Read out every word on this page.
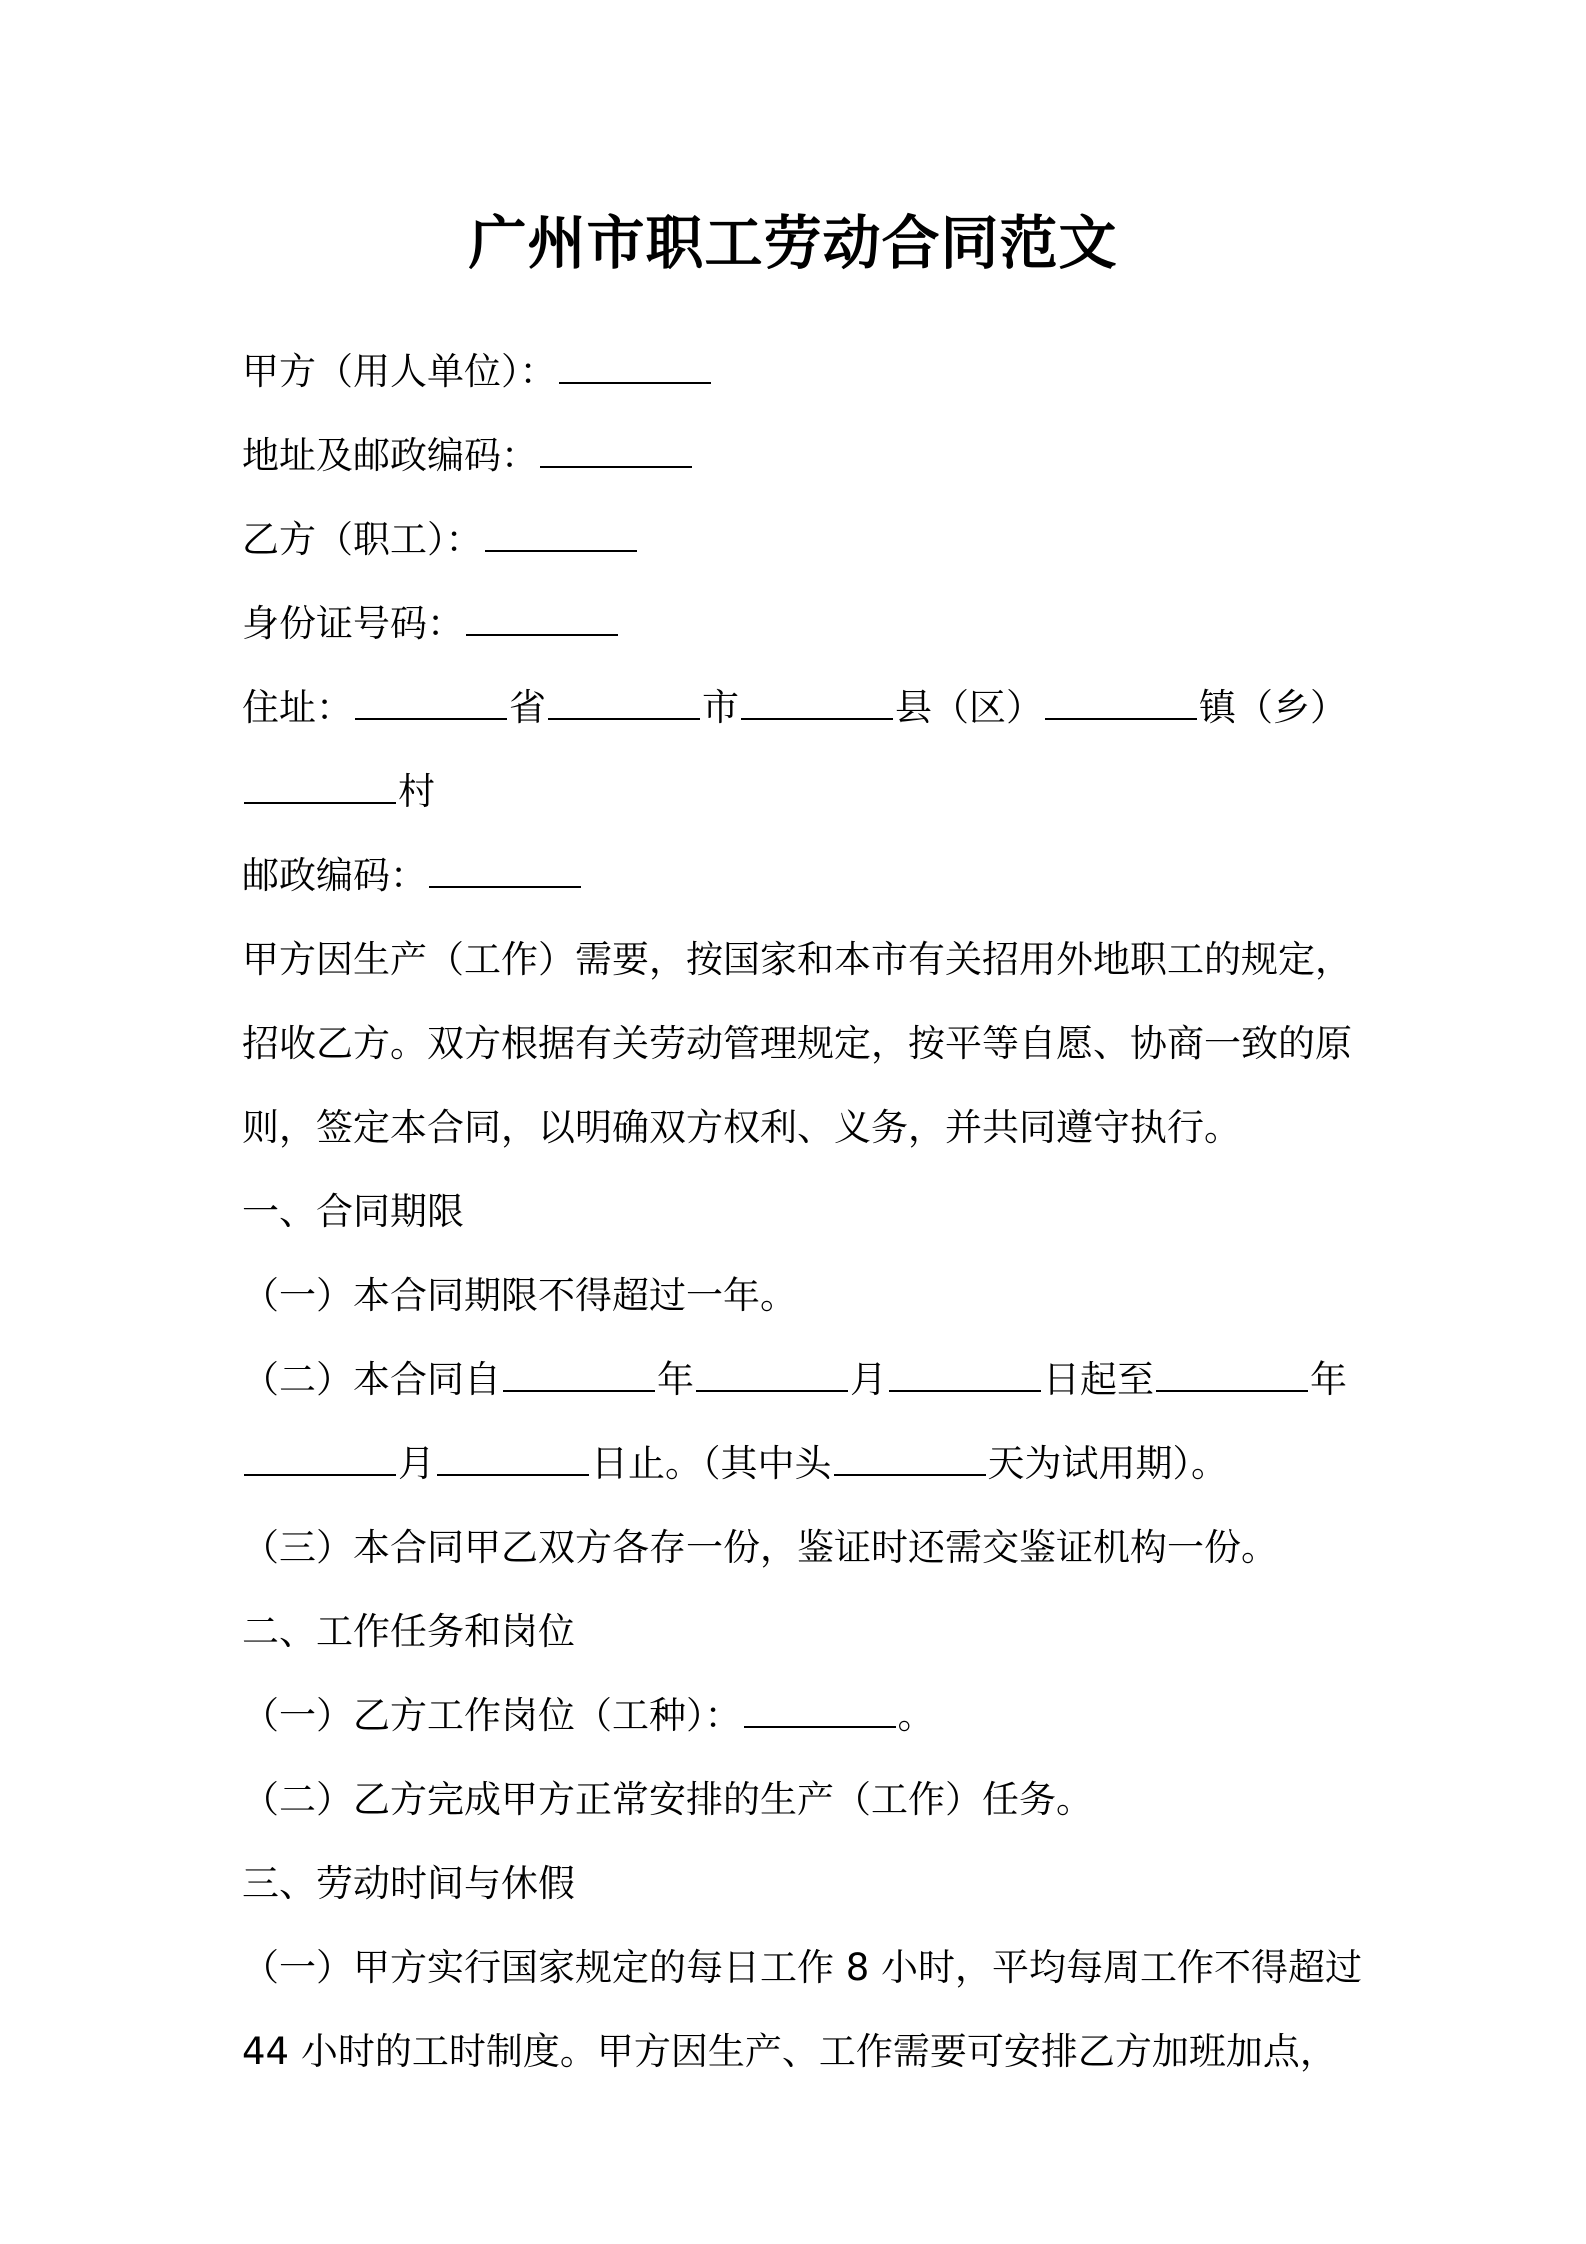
广州市职工劳动合同范文
甲方（用人单位）：
地址及邮政编码：
乙方（职工）：
身份证号码：
住址：	省	市	县（区）	镇（乡）
村
邮政编码：
甲方因生产（工作）需要，按国家和本市有关招用外地职工的规定，
招收乙方。双方根据有关劳动管理规定，按平等自愿、协商一致的原
则，签定本合同，以明确双方权利、义务，并共同遵守执行。
一、合同期限
（一）本合同期限不得超过一年。
（二）本合同自	年	月	日起至	年
月	日止。（其中头	天为试用期）。
（三）本合同甲乙双方各存一份，鉴证时还需交鉴证机构一份。
二、工作任务和岗位
（一）乙方工作岗位（工种）：	。
（二）乙方完成甲方正常安排的生产（工作）任务。
三、劳动时间与休假
（一）甲方实行国家规定的每日工作 8 小时，平均每周工作不得超过
44 小时的工时制度。甲方因生产、工作需要可安排乙方加班加点，
